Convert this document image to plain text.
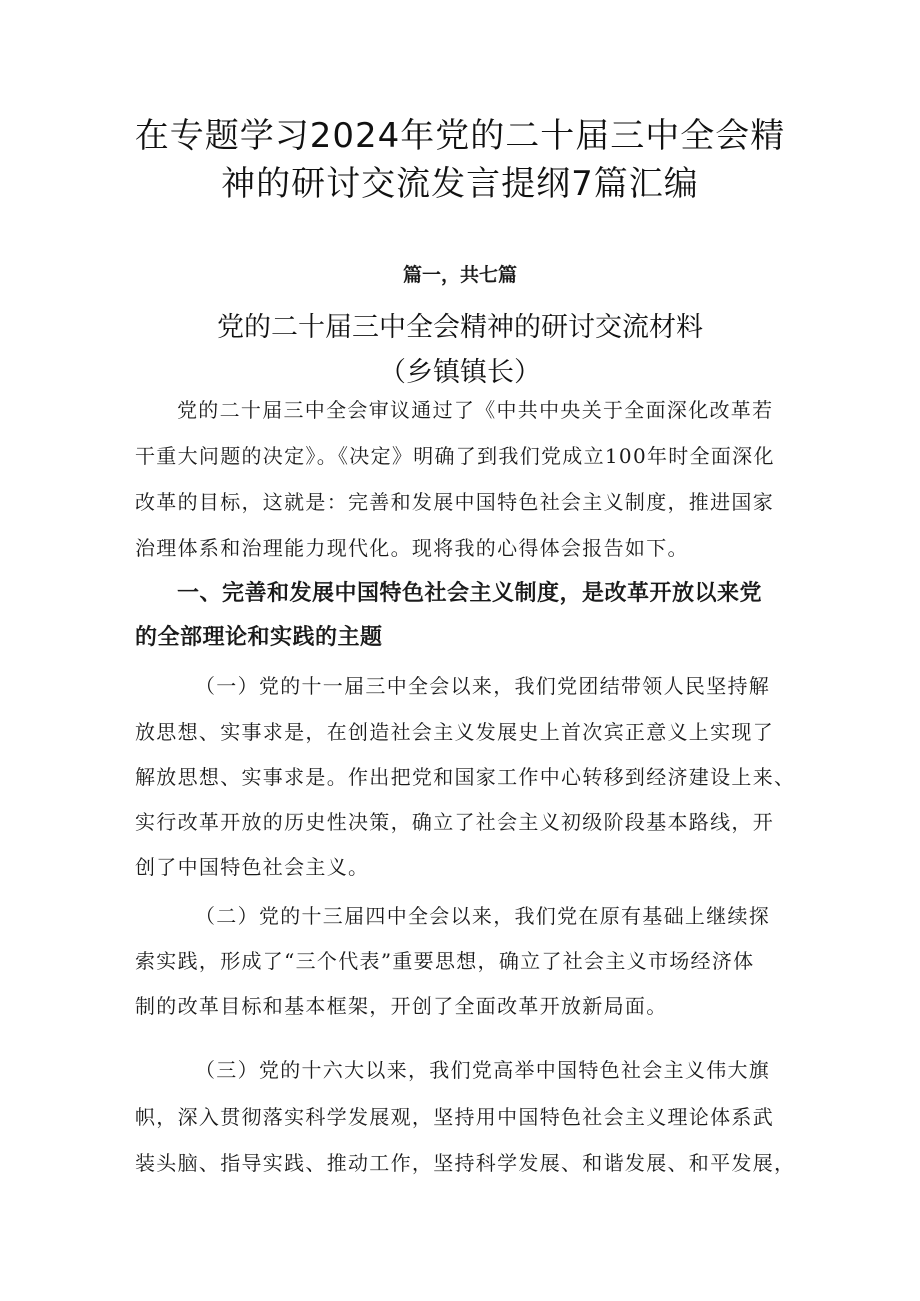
在专题学习2024年党的二十届三中全会精
神的研讨交流发言提纲7篇汇编
篇一，共七篇
党的二十届三中全会精神的研讨交流材料
（乡镇镇长）
党的二十届三中全会审议通过了《中共中央关于全面深化改革若
干重大问题的决定》。《决定》明确了到我们党成立100年时全面深化
改革的目标，这就是：完善和发展中国特色社会主义制度，推进国家
治理体系和治理能力现代化。现将我的心得体会报告如下。
一、完善和发展中国特色社会主义制度，是改革开放以来党
的全部理论和实践的主题
（一）党的十一届三中全会以来，我们党团结带领人民坚持解
放思想、实事求是，在创造社会主义发展史上首次宾正意义上实现了
解放思想、实事求是。作出把党和国家工作中心转移到经济建设上来、
实行改革开放的历史性决策，确立了社会主义初级阶段基本路线，开
创了中国特色社会主义。
（二）党的十三届四中全会以来，我们党在原有基础上继续探
索实践，形成了“三个代表”重要思想，确立了社会主义市场经济体
制的改革目标和基本框架，开创了全面改革开放新局面。
（三）党的十六大以来，我们党高举中国特色社会主义伟大旗
帜，深入贯彻落实科学发展观，坚持用中国特色社会主义理论体系武
装头脑、指导实践、推动工作，坚持科学发展、和谐发展、和平发展，
